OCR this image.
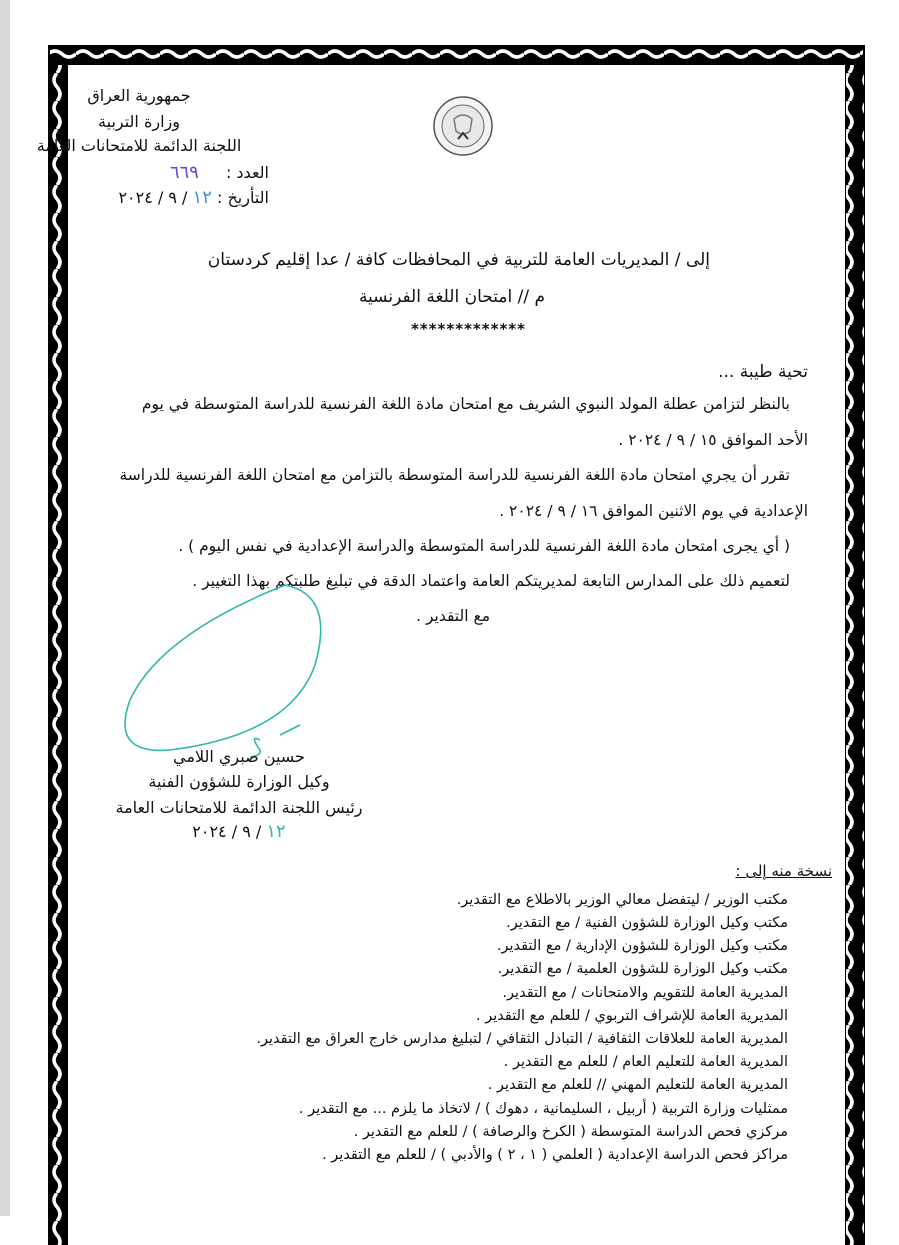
جمهورية العراق
وزارة التربية
اللجنة الدائمة للامتحانات العامة
العدد : ٦٦٩
التأريخ : ١٢ / ٩ / ٢٠٢٤
إلى / المديريات العامة للتربية في المحافظات كافة / عدا إقليم كردستان
م // امتحان اللغة الفرنسية
*************
تحية طيبة ...
بالنظر لتزامن عطلة المولد النبوي الشريف مع امتحان مادة اللغة الفرنسية للدراسة المتوسطة في يوم
الأحد الموافق ١٥ / ٩ / ٢٠٢٤ .
تقرر أن يجري امتحان مادة اللغة الفرنسية للدراسة المتوسطة بالتزامن مع امتحان اللغة الفرنسية للدراسة
الإعدادية في يوم الاثنين الموافق ١٦ / ٩ / ٢٠٢٤ .
( أي يجرى امتحان مادة اللغة الفرنسية للدراسة المتوسطة والدراسة الإعدادية في نفس اليوم ) .
لتعميم ذلك على المدارس التابعة لمديريتكم العامة واعتماد الدقة في تبليغ طلبتكم بهذا التغيير .
مع التقدير .
حسين صبري اللامي
وكيل الوزارة للشؤون الفنية
رئيس اللجنة الدائمة للامتحانات العامة
١٢ / ٩ / ٢٠٢٤
نسخة منه إلى :
مكتب الوزير / ليتفضل معالي الوزير بالاطلاع مع التقدير.
مكتب وكيل الوزارة للشؤون الفنية / مع التقدير.
مكتب وكيل الوزارة للشؤون الإدارية / مع التقدير.
مكتب وكيل الوزارة للشؤون العلمية / مع التقدير.
المديرية العامة للتقويم والامتحانات / مع التقدير.
المديرية العامة للإشراف التربوي / للعلم مع التقدير .
المديرية العامة للعلاقات الثقافية / التبادل الثقافي / لتبليغ مدارس خارج العراق مع التقدير.
المديرية العامة للتعليم العام / للعلم مع التقدير .
المديرية العامة للتعليم المهني // للعلم مع التقدير .
ممثليات وزارة التربية ( أربيل ، السليمانية ، دهوك ) / لاتخاذ ما يلزم ... مع التقدير .
مركزي فحص الدراسة المتوسطة ( الكرخ والرصافة ) / للعلم مع التقدير .
مراكز فحص الدراسة الإعدادية ( العلمي ( ١ ، ٢ ) والأدبي ) / للعلم مع التقدير .
